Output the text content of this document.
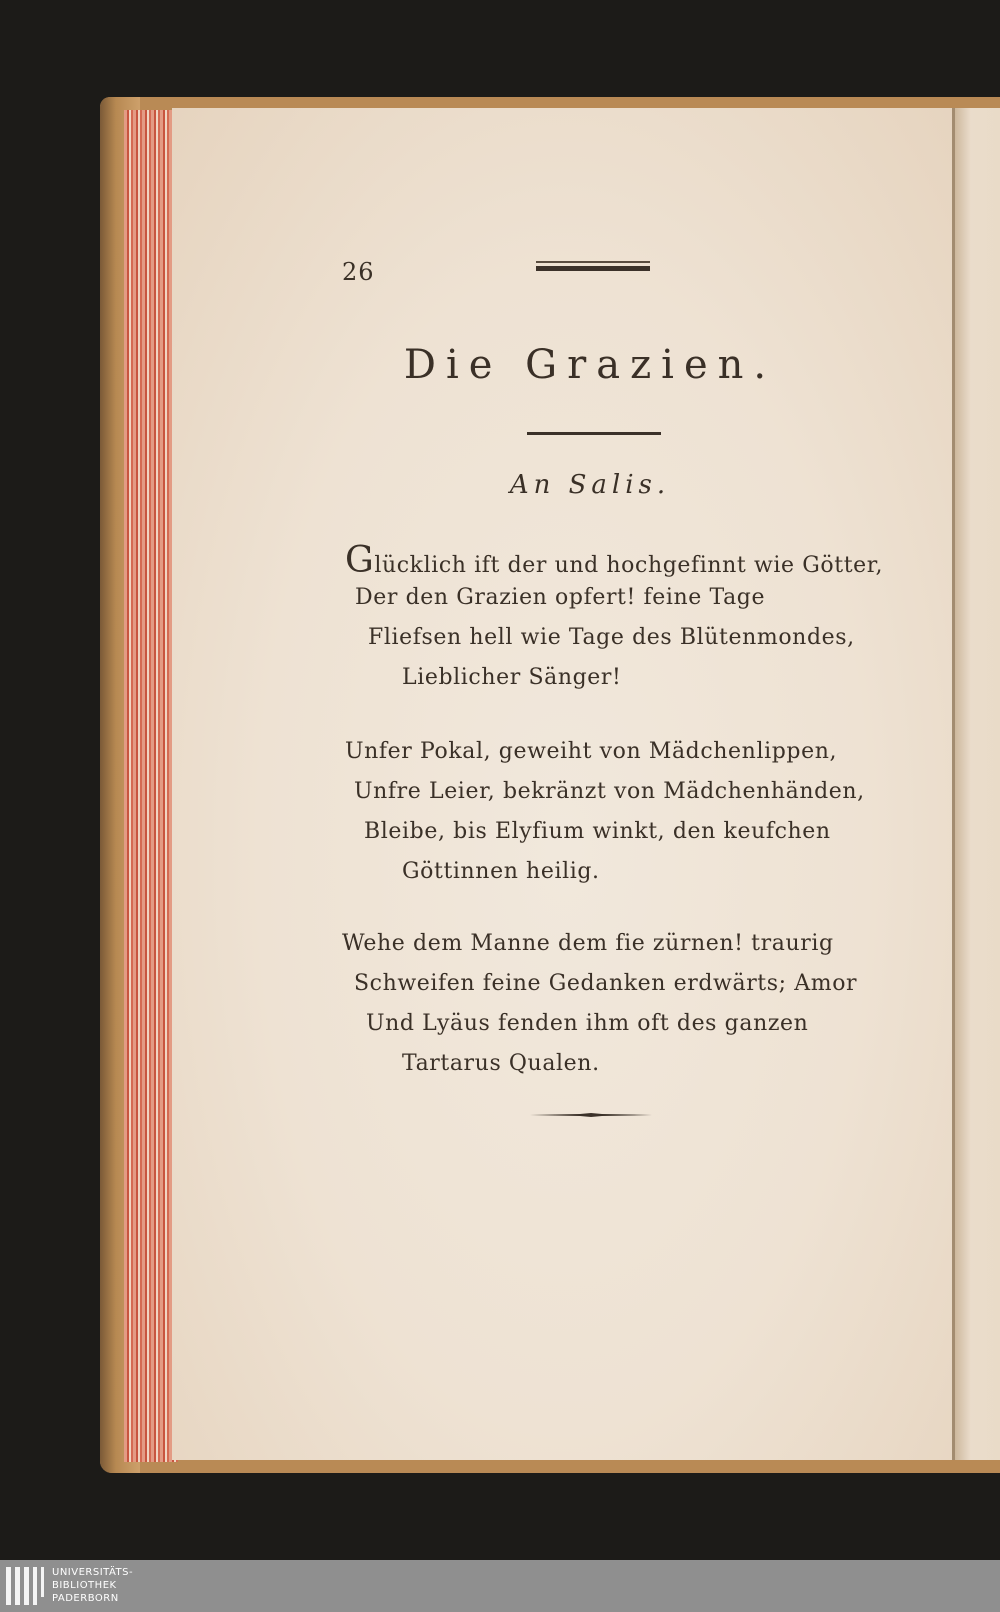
26
Die Grazien.
An Salis.
Glücklich ift der und hochgefinnt wie Götter,
Der den Grazien opfert! feine Tage
Fliefsen hell wie Tage des Blütenmondes,
Lieblicher Sänger!
Unfer Pokal, geweiht von Mädchenlippen,
Unfre Leier, bekränzt von Mädchenhänden,
Bleibe, bis Elyfium winkt, den keufchen
Göttinnen heilig.
Wehe dem Manne dem fie zürnen! traurig
Schweifen feine Gedanken erdwärts; Amor
Und Lyäus fenden ihm oft des ganzen
Tartarus Qualen.
UNIVERSITÄTS-
BIBLIOTHEK
PADERBORN
